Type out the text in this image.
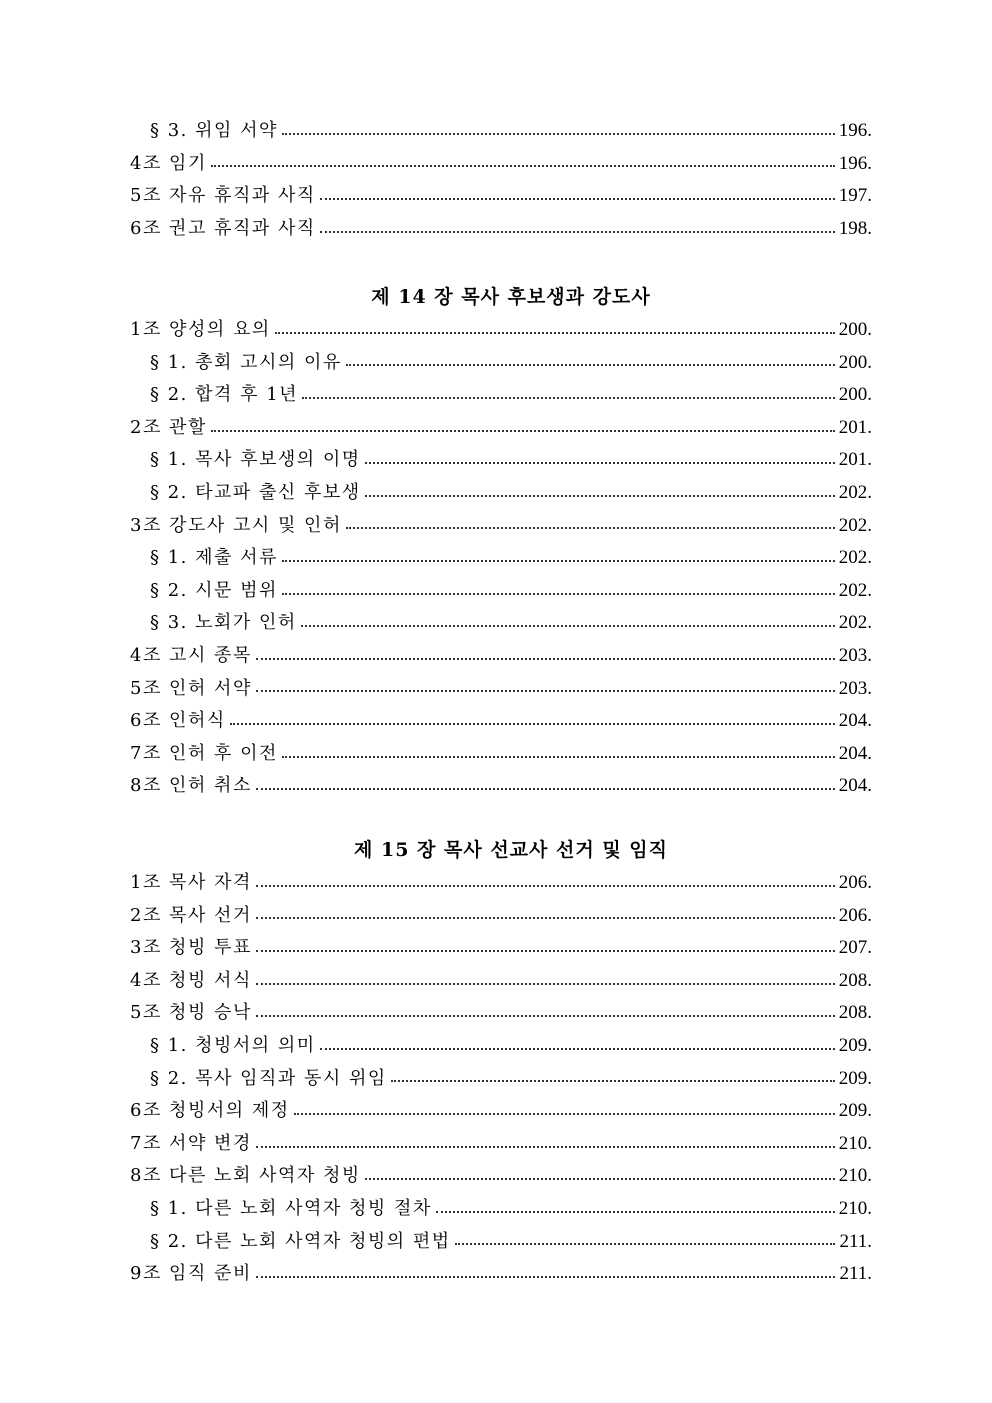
§ 3. 위임 서약	196.
4조 임기	196.
5조 자유 휴직과 사직	197.
6조 권고 휴직과 사직	198.
제 14 장 목사 후보생과 강도사
1조 양성의 요의	200.
§ 1. 총회 고시의 이유	200.
§ 2. 합격 후 1년	200.
2조 관할	201.
§ 1. 목사 후보생의 이명	201.
§ 2. 타교파 출신 후보생	202.
3조 강도사 고시 및 인허	202.
§ 1. 제출 서류	202.
§ 2. 시문 범위	202.
§ 3. 노회가 인허	202.
4조 고시 종목	203.
5조 인허 서약	203.
6조 인허식	204.
7조 인허 후 이전	204.
8조 인허 취소	204.
제 15 장 목사 선교사 선거 및 임직
1조 목사 자격	206.
2조 목사 선거	206.
3조 청빙 투표	207.
4조 청빙 서식	208.
5조 청빙 승낙	208.
§ 1. 청빙서의 의미	209.
§ 2. 목사 임직과 동시 위임	209.
6조 청빙서의 제정	209.
7조 서약 변경	210.
8조 다른 노회 사역자 청빙	210.
§ 1. 다른 노회 사역자 청빙 절차	210.
§ 2. 다른 노회 사역자 청빙의 편법	211.
9조 임직 준비	211.
